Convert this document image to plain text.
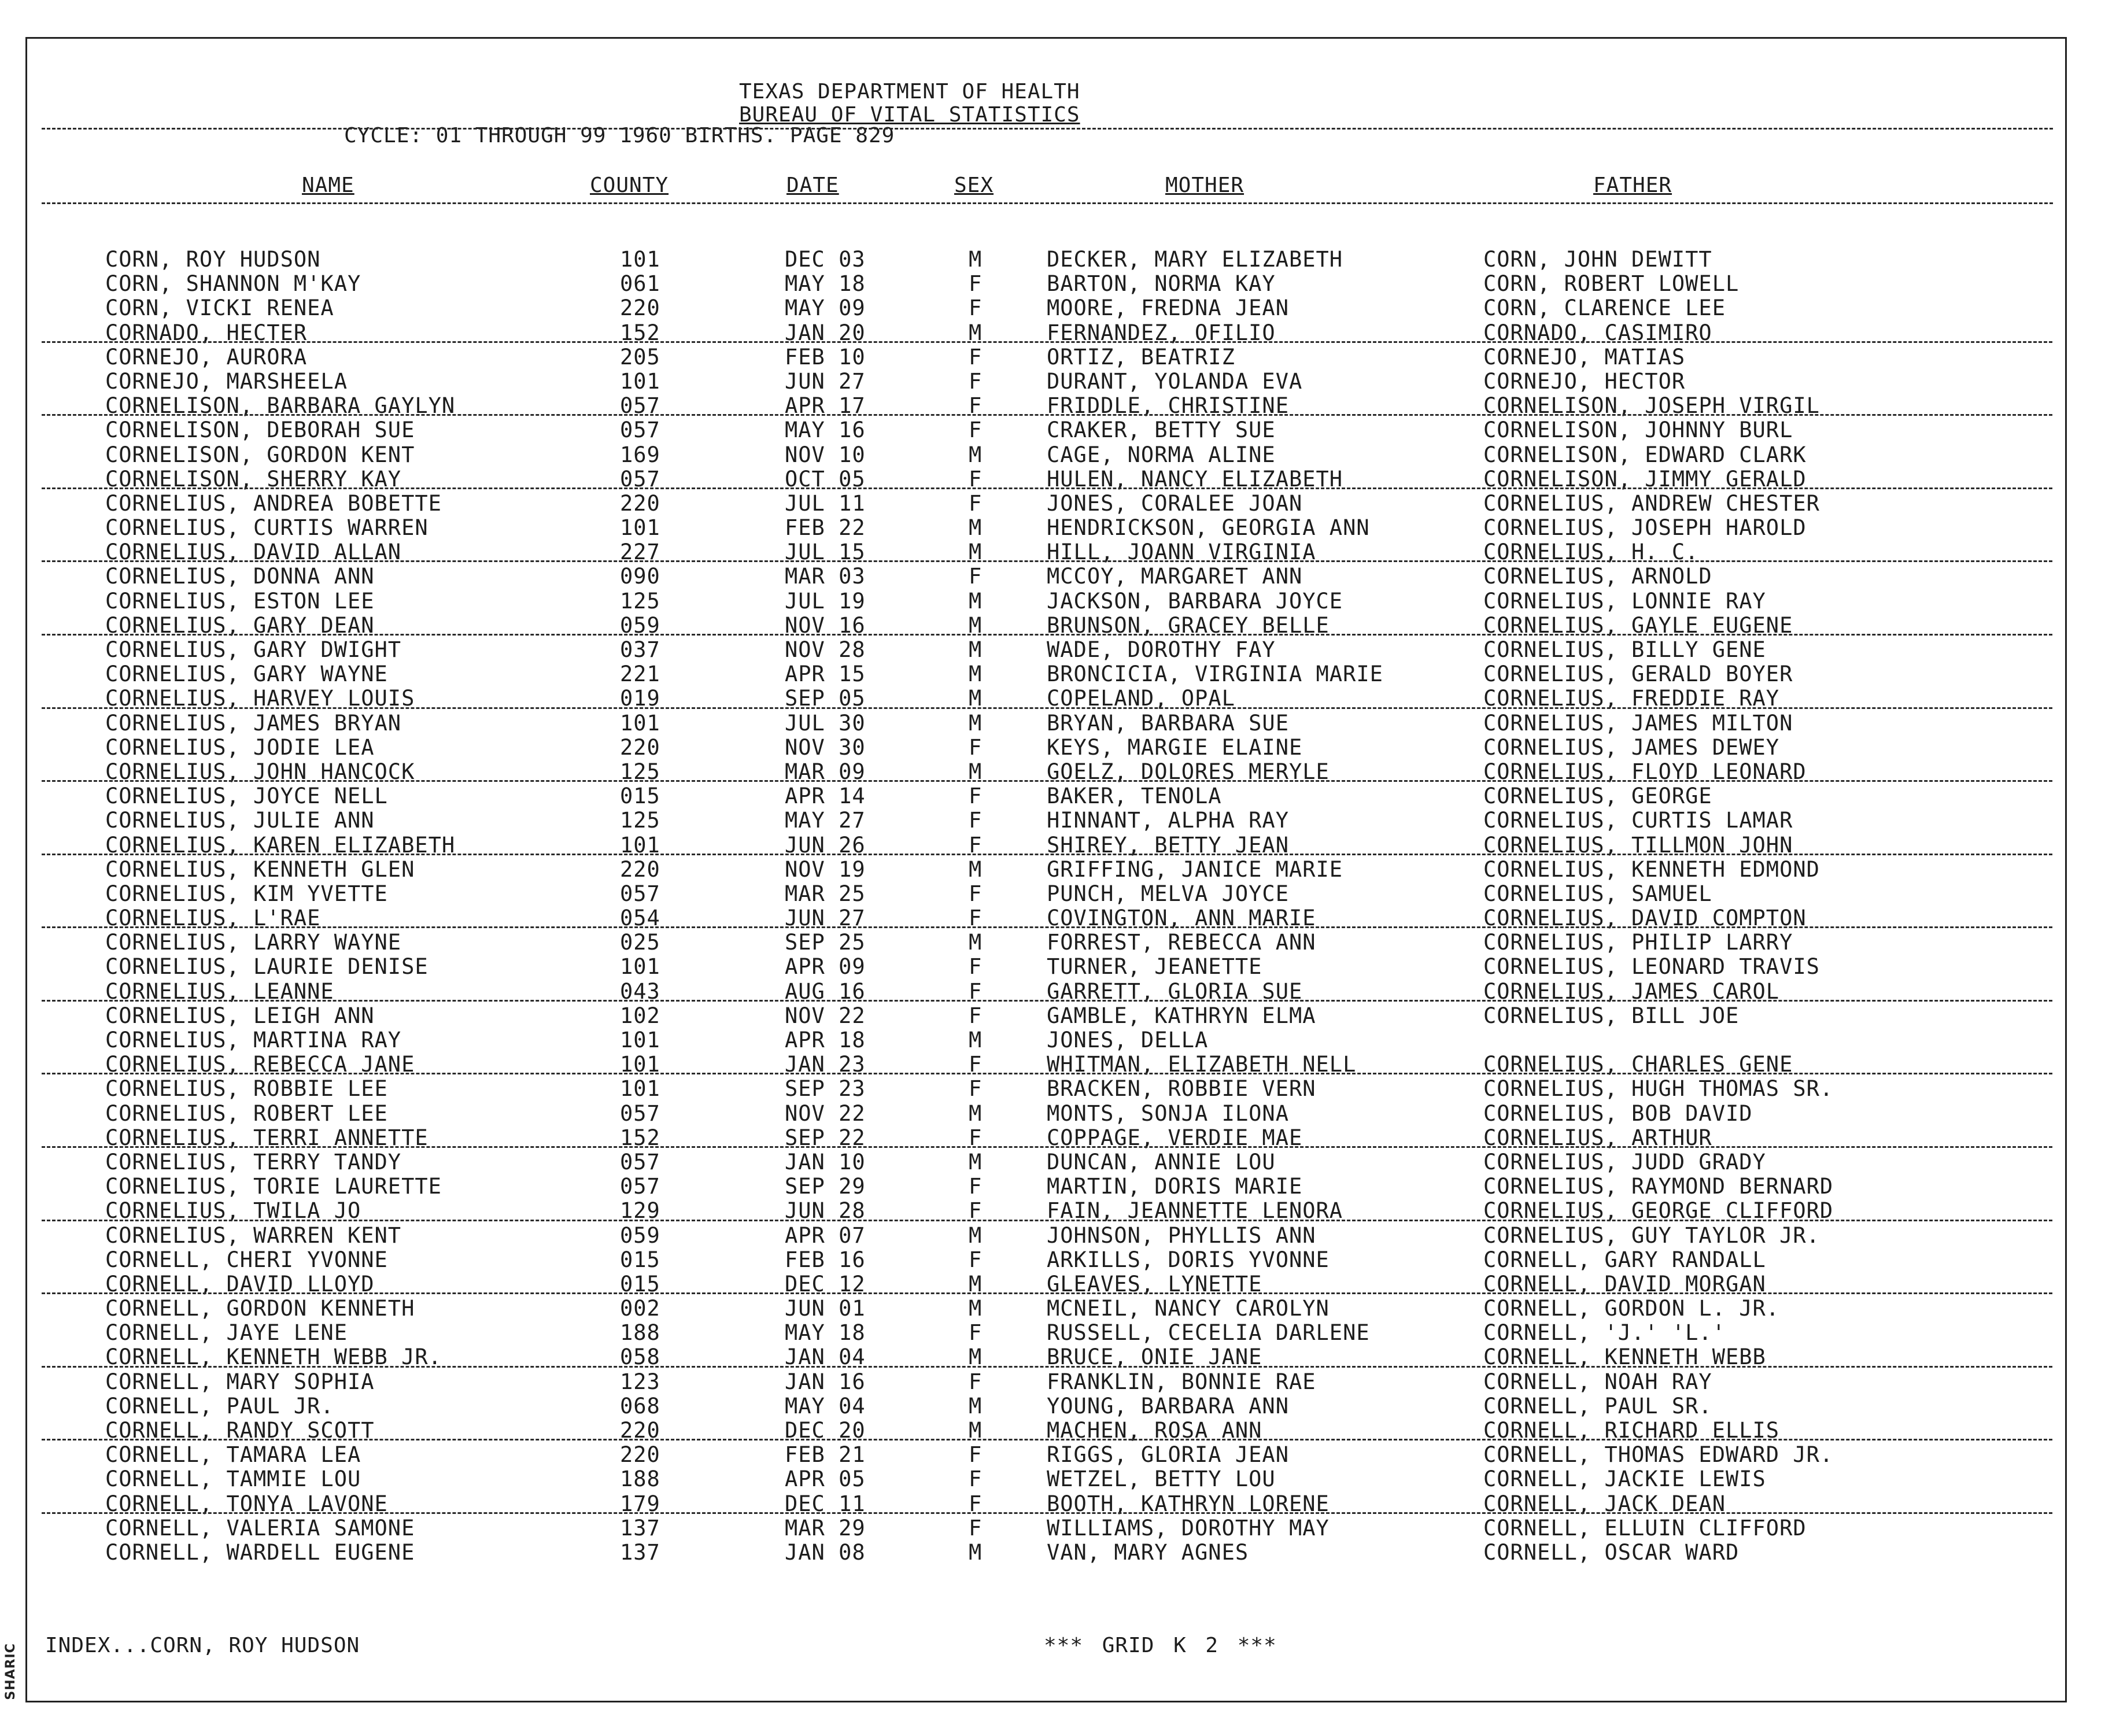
SHARIC
TEXAS DEPARTMENT OF HEALTH
BUREAU OF VITAL STATISTICS
CYCLE: 01 THROUGH 99 1960 BIRTHS. PAGE 829
NAME	COUNTY	DATE	SEX	MOTHER	FATHER
CORN, ROY HUDSON	101	DEC 03	M	DECKER, MARY ELIZABETH	CORN, JOHN DEWITT
CORN, SHANNON M'KAY	061	MAY 18	F	BARTON, NORMA KAY	CORN, ROBERT LOWELL
CORN, VICKI RENEA	220	MAY 09	F	MOORE, FREDNA JEAN	CORN, CLARENCE LEE
CORNADO, HECTER	152	JAN 20	M	FERNANDEZ, OFILIO	CORNADO, CASIMIRO
CORNEJO, AURORA	205	FEB 10	F	ORTIZ, BEATRIZ	CORNEJO, MATIAS
CORNEJO, MARSHEELA	101	JUN 27	F	DURANT, YOLANDA EVA	CORNEJO, HECTOR
CORNELISON, BARBARA GAYLYN	057	APR 17	F	FRIDDLE, CHRISTINE	CORNELISON, JOSEPH VIRGIL
CORNELISON, DEBORAH SUE	057	MAY 16	F	CRAKER, BETTY SUE	CORNELISON, JOHNNY BURL
CORNELISON, GORDON KENT	169	NOV 10	M	CAGE, NORMA ALINE	CORNELISON, EDWARD CLARK
CORNELISON, SHERRY KAY	057	OCT 05	F	HULEN, NANCY ELIZABETH	CORNELISON, JIMMY GERALD
CORNELIUS, ANDREA BOBETTE	220	JUL 11	F	JONES, CORALEE JOAN	CORNELIUS, ANDREW CHESTER
CORNELIUS, CURTIS WARREN	101	FEB 22	M	HENDRICKSON, GEORGIA ANN	CORNELIUS, JOSEPH HAROLD
CORNELIUS, DAVID ALLAN	227	JUL 15	M	HILL, JOANN VIRGINIA	CORNELIUS, H. C.
CORNELIUS, DONNA ANN	090	MAR 03	F	MCCOY, MARGARET ANN	CORNELIUS, ARNOLD
CORNELIUS, ESTON LEE	125	JUL 19	M	JACKSON, BARBARA JOYCE	CORNELIUS, LONNIE RAY
CORNELIUS, GARY DEAN	059	NOV 16	M	BRUNSON, GRACEY BELLE	CORNELIUS, GAYLE EUGENE
CORNELIUS, GARY DWIGHT	037	NOV 28	M	WADE, DOROTHY FAY	CORNELIUS, BILLY GENE
CORNELIUS, GARY WAYNE	221	APR 15	M	BRONCICIA, VIRGINIA MARIE	CORNELIUS, GERALD BOYER
CORNELIUS, HARVEY LOUIS	019	SEP 05	M	COPELAND, OPAL	CORNELIUS, FREDDIE RAY
CORNELIUS, JAMES BRYAN	101	JUL 30	M	BRYAN, BARBARA SUE	CORNELIUS, JAMES MILTON
CORNELIUS, JODIE LEA	220	NOV 30	F	KEYS, MARGIE ELAINE	CORNELIUS, JAMES DEWEY
CORNELIUS, JOHN HANCOCK	125	MAR 09	M	GOELZ, DOLORES MERYLE	CORNELIUS, FLOYD LEONARD
CORNELIUS, JOYCE NELL	015	APR 14	F	BAKER, TENOLA	CORNELIUS, GEORGE
CORNELIUS, JULIE ANN	125	MAY 27	F	HINNANT, ALPHA RAY	CORNELIUS, CURTIS LAMAR
CORNELIUS, KAREN ELIZABETH	101	JUN 26	F	SHIREY, BETTY JEAN	CORNELIUS, TILLMON JOHN
CORNELIUS, KENNETH GLEN	220	NOV 19	M	GRIFFING, JANICE MARIE	CORNELIUS, KENNETH EDMOND
CORNELIUS, KIM YVETTE	057	MAR 25	F	PUNCH, MELVA JOYCE	CORNELIUS, SAMUEL
CORNELIUS, L'RAE	054	JUN 27	F	COVINGTON, ANN MARIE	CORNELIUS, DAVID COMPTON
CORNELIUS, LARRY WAYNE	025	SEP 25	M	FORREST, REBECCA ANN	CORNELIUS, PHILIP LARRY
CORNELIUS, LAURIE DENISE	101	APR 09	F	TURNER, JEANETTE	CORNELIUS, LEONARD TRAVIS
CORNELIUS, LEANNE	043	AUG 16	F	GARRETT, GLORIA SUE	CORNELIUS, JAMES CAROL
CORNELIUS, LEIGH ANN	102	NOV 22	F	GAMBLE, KATHRYN ELMA	CORNELIUS, BILL JOE
CORNELIUS, MARTINA RAY	101	APR 18	M	JONES, DELLA
CORNELIUS, REBECCA JANE	101	JAN 23	F	WHITMAN, ELIZABETH NELL	CORNELIUS, CHARLES GENE
CORNELIUS, ROBBIE LEE	101	SEP 23	F	BRACKEN, ROBBIE VERN	CORNELIUS, HUGH THOMAS SR.
CORNELIUS, ROBERT LEE	057	NOV 22	M	MONTS, SONJA ILONA	CORNELIUS, BOB DAVID
CORNELIUS, TERRI ANNETTE	152	SEP 22	F	COPPAGE, VERDIE MAE	CORNELIUS, ARTHUR
CORNELIUS, TERRY TANDY	057	JAN 10	M	DUNCAN, ANNIE LOU	CORNELIUS, JUDD GRADY
CORNELIUS, TORIE LAURETTE	057	SEP 29	F	MARTIN, DORIS MARIE	CORNELIUS, RAYMOND BERNARD
CORNELIUS, TWILA JO	129	JUN 28	F	FAIN, JEANNETTE LENORA	CORNELIUS, GEORGE CLIFFORD
CORNELIUS, WARREN KENT	059	APR 07	M	JOHNSON, PHYLLIS ANN	CORNELIUS, GUY TAYLOR JR.
CORNELL, CHERI YVONNE	015	FEB 16	F	ARKILLS, DORIS YVONNE	CORNELL, GARY RANDALL
CORNELL, DAVID LLOYD	015	DEC 12	M	GLEAVES, LYNETTE	CORNELL, DAVID MORGAN
CORNELL, GORDON KENNETH	002	JUN 01	M	MCNEIL, NANCY CAROLYN	CORNELL, GORDON L. JR.
CORNELL, JAYE LENE	188	MAY 18	F	RUSSELL, CECELIA DARLENE	CORNELL, 'J.' 'L.'
CORNELL, KENNETH WEBB JR.	058	JAN 04	M	BRUCE, ONIE JANE	CORNELL, KENNETH WEBB
CORNELL, MARY SOPHIA	123	JAN 16	F	FRANKLIN, BONNIE RAE	CORNELL, NOAH RAY
CORNELL, PAUL JR.	068	MAY 04	M	YOUNG, BARBARA ANN	CORNELL, PAUL SR.
CORNELL, RANDY SCOTT	220	DEC 20	M	MACHEN, ROSA ANN	CORNELL, RICHARD ELLIS
CORNELL, TAMARA LEA	220	FEB 21	F	RIGGS, GLORIA JEAN	CORNELL, THOMAS EDWARD JR.
CORNELL, TAMMIE LOU	188	APR 05	F	WETZEL, BETTY LOU	CORNELL, JACKIE LEWIS
CORNELL, TONYA LAVONE	179	DEC 11	F	BOOTH, KATHRYN LORENE	CORNELL, JACK DEAN
CORNELL, VALERIA SAMONE	137	MAR 29	F	WILLIAMS, DOROTHY MAY	CORNELL, ELLUIN CLIFFORD
CORNELL, WARDELL EUGENE	137	JAN 08	M	VAN, MARY AGNES	CORNELL, OSCAR WARD
INDEX...CORN, ROY HUDSON	*** GRID K 2 ***
